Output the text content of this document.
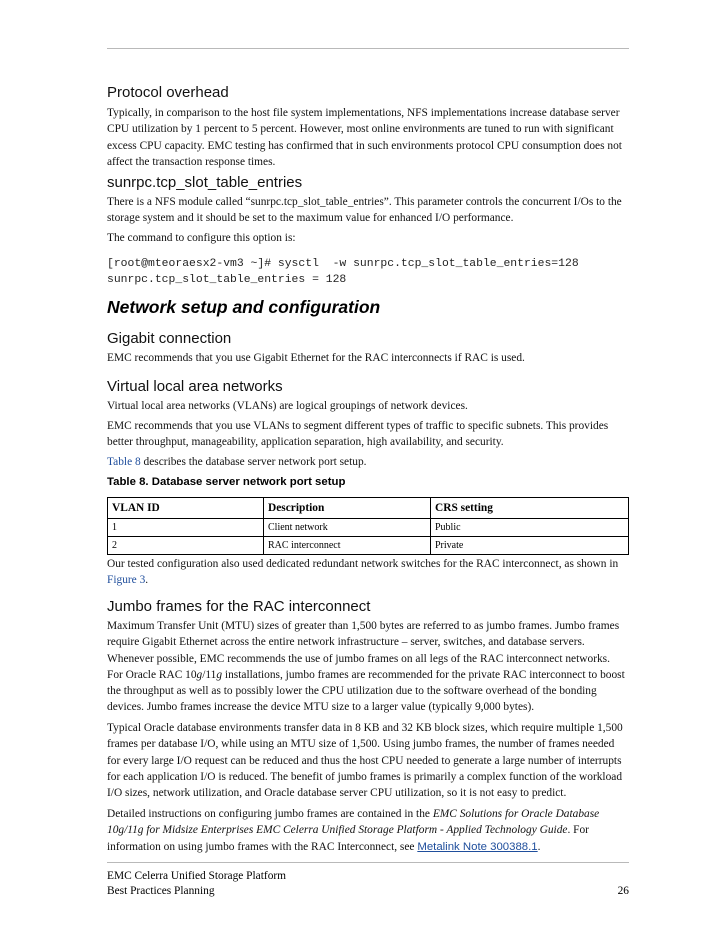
Protocol overhead
Typically, in comparison to the host file system implementations, NFS implementations increase database server CPU utilization by 1 percent to 5 percent. However, most online environments are tuned to run with significant excess CPU capacity. EMC testing has confirmed that in such environments protocol CPU consumption does not affect the transaction response times.
sunrpc.tcp_slot_table_entries
There is a NFS module called “sunrpc.tcp_slot_table_entries”. This parameter controls the concurrent I/Os to the storage system and it should be set to the maximum value for enhanced I/O performance.
The command to configure this option is:
[root@mteoraesx2-vm3 ~]# sysctl  -w sunrpc.tcp_slot_table_entries=128
sunrpc.tcp_slot_table_entries = 128
Network setup and configuration
Gigabit connection
EMC recommends that you use Gigabit Ethernet for the RAC interconnects if RAC is used.
Virtual local area networks
Virtual local area networks (VLANs) are logical groupings of network devices.
EMC recommends that you use VLANs to segment different types of traffic to specific subnets. This provides better throughput, manageability, application separation, high availability, and security.
Table 8 describes the database server network port setup.
Table 8. Database server network port setup
VLAN ID	Description	CRS setting
1	Client network	Public
2	RAC interconnect	Private
Our tested configuration also used dedicated redundant network switches for the RAC interconnect, as shown in Figure 3.
Jumbo frames for the RAC interconnect
Maximum Transfer Unit (MTU) sizes of greater than 1,500 bytes are referred to as jumbo frames. Jumbo frames require Gigabit Ethernet across the entire network infrastructure – server, switches, and database servers. Whenever possible, EMC recommends the use of jumbo frames on all legs of the RAC interconnect networks. For Oracle RAC 10g/11g installations, jumbo frames are recommended for the private RAC interconnect to boost the throughput as well as to possibly lower the CPU utilization due to the software overhead of the bonding devices. Jumbo frames increase the device MTU size to a larger value (typically 9,000 bytes).
Typical Oracle database environments transfer data in 8 KB and 32 KB block sizes, which require multiple 1,500 frames per database I/O, while using an MTU size of 1,500. Using jumbo frames, the number of frames needed for every large I/O request can be reduced and thus the host CPU needed to generate a large number of interrupts for each application I/O is reduced. The benefit of jumbo frames is primarily a complex function of the workload I/O sizes, network utilization, and Oracle database server CPU utilization, so it is not easy to predict.
Detailed instructions on configuring jumbo frames are contained in the EMC Solutions for Oracle Database 10g/11g for Midsize Enterprises EMC Celerra Unified Storage Platform - Applied Technology Guide. For information on using jumbo frames with the RAC Interconnect, see Metalink Note 300388.1.
EMC Celerra Unified Storage Platform
Best Practices Planning	26
